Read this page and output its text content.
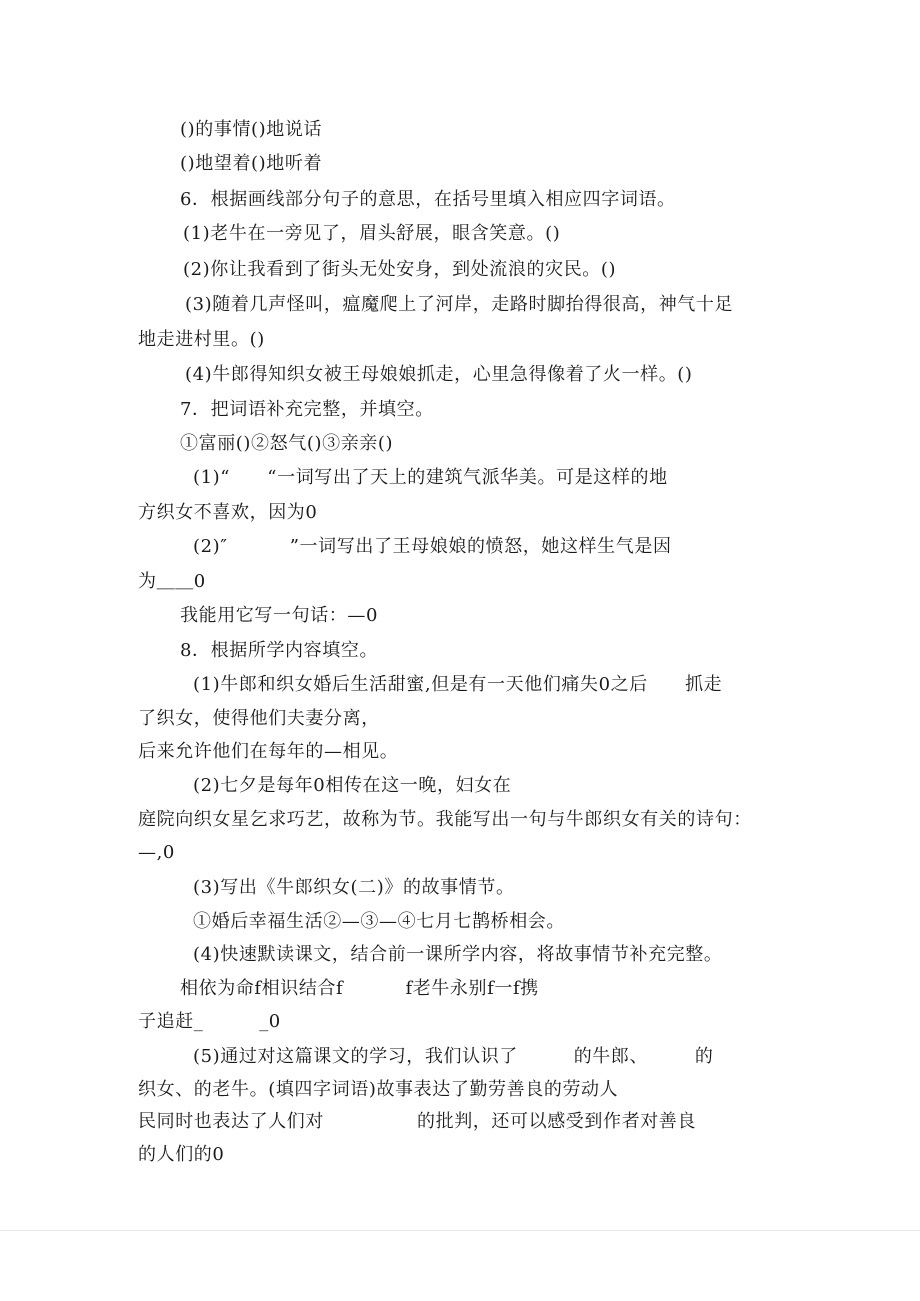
()的事情()地说话
()地望着()地听着
6．根据画线部分句子的意思，在括号里填入相应四字词语。
(1)老牛在一旁见了，眉头舒展，眼含笑意。()
(2)你让我看到了街头无处安身，到处流浪的灾民。()
(3)随着几声怪叫，瘟魔爬上了河岸，走路时脚抬得很高，神气十足
地走进村里。()
(4)牛郎得知织女被王母娘娘抓走，心里急得像着了火一样。()
7．把词语补充完整，并填空。
①富丽()②怒气()③亲亲()
(1)“　　“一词写出了天上的建筑气派华美。可是这样的地
方织女不喜欢，因为0
(2)″　　　 ”一词写出了王母娘娘的愤怒，她这样生气是因
为＿＿0
我能用它写一句话：—0
8．根据所学内容填空。
(1)牛郎和织女婚后生活甜蜜,但是有一天他们痛失0之后　　抓走
了织女，使得他们夫妻分离，
后来允许他们在每年的—相见。
(2)七夕是每年0相传在这一晚，妇女在
庭院向织女星乞求巧艺，故称为节。我能写出一句与牛郎织女有关的诗句：
—,0
(3)写出《牛郎织女(二)》的故事情节。
①婚后幸福生活②—③—④七月七鹊桥相会。
(4)快速默读课文，结合前一课所学内容，将故事情节补充完整。
相依为命f相识结合f　　　 f老牛永别f一f携
子追赶_　　　_0
(5)通过对这篇课文的学习，我们认识了　　　的牛郎、　　　的
织女、的老牛。(填四字词语)故事表达了勤劳善良的劳动人
民同时也表达了人们对　　　　　的批判，还可以感受到作者对善良
的人们的0
